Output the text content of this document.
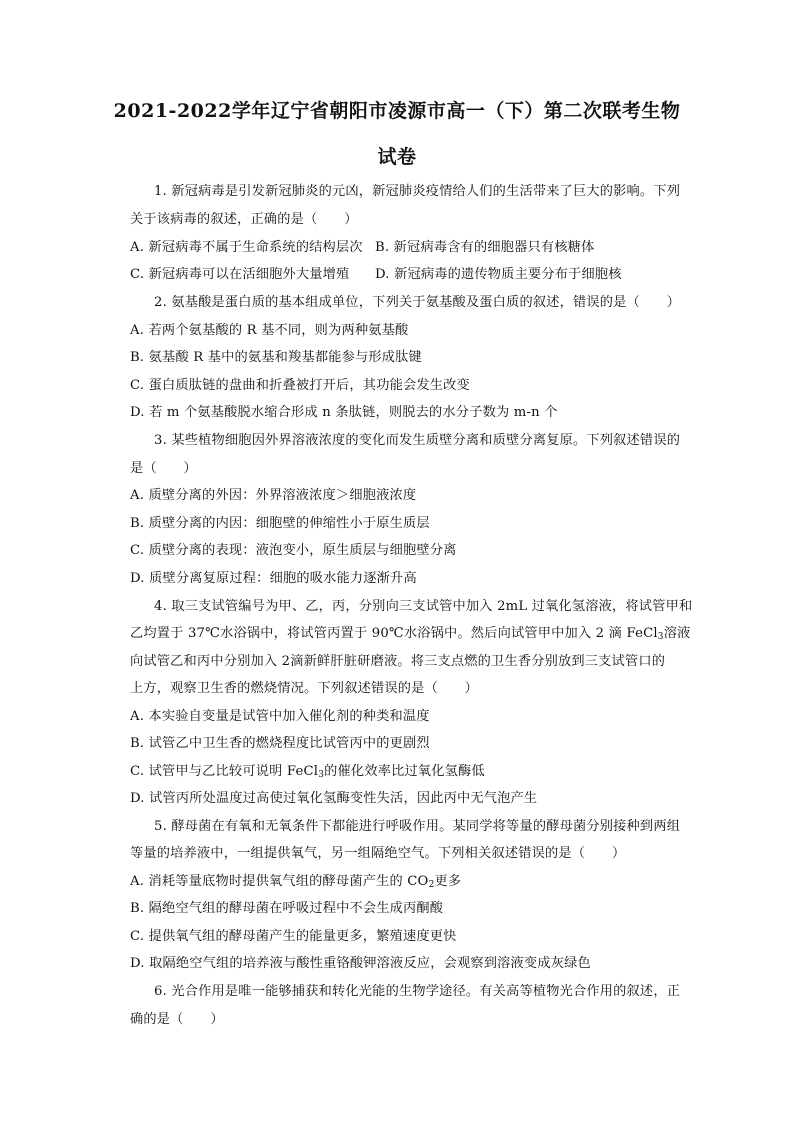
2021-2022学年辽宁省朝阳市凌源市高一（下）第二次联考生物
试卷
1. 新冠病毒是引发新冠肺炎的元凶，新冠肺炎疫情给人们的生活带来了巨大的影响。下列
关于该病毒的叙述，正确的是（　　）
A. 新冠病毒不属于生命系统的结构层次 B. 新冠病毒含有的细胞器只有核糖体
C. 新冠病毒可以在活细胞外大量增殖	D. 新冠病毒的遗传物质主要分布于细胞核
2. 氨基酸是蛋白质的基本组成单位，下列关于氨基酸及蛋白质的叙述，错误的是（　　）
A. 若两个氨基酸的 R 基不同，则为两种氨基酸
B. 氨基酸 R 基中的氨基和羧基都能参与形成肽键
C. 蛋白质肽链的盘曲和折叠被打开后，其功能会发生改变
D. 若 m 个氨基酸脱水缩合形成 n 条肽链，则脱去的水分子数为 m-n 个
3. 某些植物细胞因外界溶液浓度的变化而发生质壁分离和质壁分离复原。下列叙述错误的
是（　　）
A. 质壁分离的外因：外界溶液浓度＞细胞液浓度
B. 质壁分离的内因：细胞壁的伸缩性小于原生质层
C. 质壁分离的表现：液泡变小，原生质层与细胞壁分离
D. 质壁分离复原过程：细胞的吸水能力逐渐升高
4. 取三支试管编号为甲、乙，丙，分别向三支试管中加入 2mL 过氧化氢溶液，将试管甲和
乙均置于 37℃水浴锅中，将试管丙置于 90℃水浴锅中。然后向试管甲中加入 2 滴 FeCl$_3$溶液
向试管乙和丙中分别加入 2滴新鲜肝脏研磨液。将三支点燃的卫生香分别放到三支试管口的
上方，观察卫生香的燃烧情况。下列叙述错误的是（　　）
A. 本实验自变量是试管中加入催化剂的种类和温度
B. 试管乙中卫生香的燃烧程度比试管丙中的更剧烈
C. 试管甲与乙比较可说明 FeCl$_3$的催化效率比过氧化氢酶低
D. 试管丙所处温度过高使过氧化氢酶变性失活，因此丙中无气泡产生
5. 酵母菌在有氧和无氧条件下都能进行呼吸作用。某同学将等量的酵母菌分别接种到两组
等量的培养液中，一组提供氧气，另一组隔绝空气。下列相关叙述错误的是（　　）
A. 消耗等量底物时提供氧气组的酵母菌产生的 $CO_2$更多
B. 隔绝空气组的酵母菌在呼吸过程中不会生成丙酮酸
C. 提供氧气组的酵母菌产生的能量更多，繁殖速度更快
D. 取隔绝空气组的培养液与酸性重铬酸钾溶液反应，会观察到溶液变成灰绿色
6. 光合作用是唯一能够捕获和转化光能的生物学途径。有关高等植物光合作用的叙述，正
确的是（　　）
